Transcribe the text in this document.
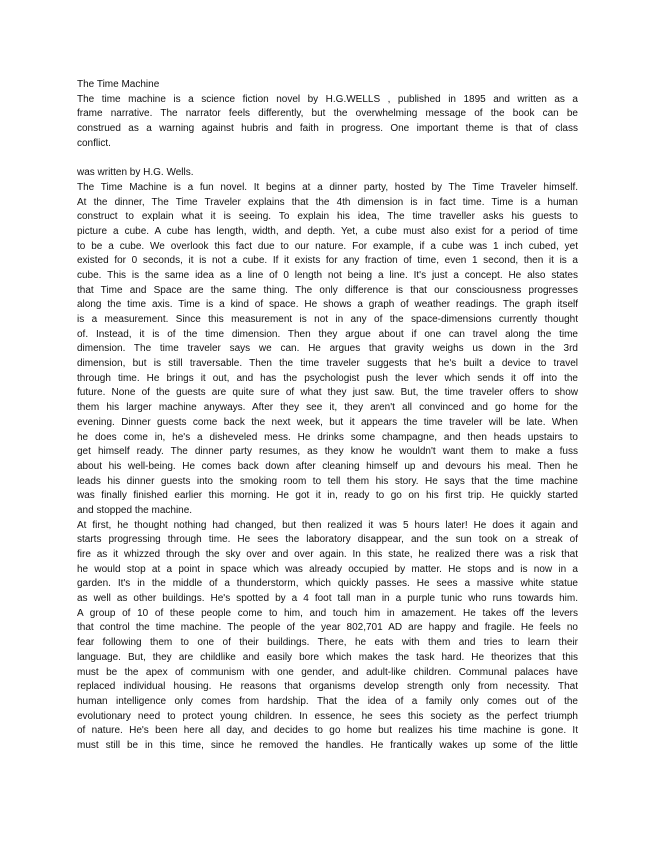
The Time Machine
The time machine is a science fiction novel by H.G.WELLS , published in 1895 and written as a
frame narrative. The narrator feels differently, but the overwhelming message of the book can be
construed as a warning against hubris and faith in progress. One important theme is that of class
conflict.
was written by H.G. Wells.
The Time Machine is a fun novel. It begins at a dinner party, hosted by The Time Traveler himself.
At the dinner, The Time Traveler explains that the 4th dimension is in fact time. Time is a human
construct to explain what it is seeing. To explain his idea, The time traveller asks his guests to
picture a cube. A cube has length, width, and depth. Yet, a cube must also exist for a period of time
to be a cube. We overlook this fact due to our nature. For example, if a cube was 1 inch cubed, yet
existed for 0 seconds, it is not a cube. If it exists for any fraction of time, even 1 second, then it is a
cube. This is the same idea as a line of 0 length not being a line. It's just a concept. He also states
that Time and Space are the same thing. The only difference is that our consciousness progresses
along the time axis. Time is a kind of space. He shows a graph of weather readings. The graph itself
is a measurement. Since this measurement is not in any of the space-dimensions currently thought
of. Instead, it is of the time dimension. Then they argue about if one can travel along the time
dimension. The time traveler says we can. He argues that gravity weighs us down in the 3rd
dimension, but is still traversable. Then the time traveler suggests that he's built a device to travel
through time. He brings it out, and has the psychologist push the lever which sends it off into the
future. None of the guests are quite sure of what they just saw. But, the time traveler offers to show
them his larger machine anyways. After they see it, they aren't all convinced and go home for the
evening. Dinner guests come back the next week, but it appears the time traveler will be late. When
he does come in, he's a disheveled mess. He drinks some champagne, and then heads upstairs to
get himself ready. The dinner party resumes, as they know he wouldn't want them to make a fuss
about his well-being. He comes back down after cleaning himself up and devours his meal. Then he
leads his dinner guests into the smoking room to tell them his story. He says that the time machine
was finally finished earlier this morning. He got it in, ready to go on his first trip. He quickly started
and stopped the machine.
At first, he thought nothing had changed, but then realized it was 5 hours later! He does it again and
starts progressing through time. He sees the laboratory disappear, and the sun took on a streak of
fire as it whizzed through the sky over and over again. In this state, he realized there was a risk that
he would stop at a point in space which was already occupied by matter. He stops and is now in a
garden. It's in the middle of a thunderstorm, which quickly passes. He sees a massive white statue
as well as other buildings. He's spotted by a 4 foot tall man in a purple tunic who runs towards him.
A group of 10 of these people come to him, and touch him in amazement. He takes off the levers
that control the time machine. The people of the year 802,701 AD are happy and fragile. He feels no
fear following them to one of their buildings. There, he eats with them and tries to learn their
language. But, they are childlike and easily bore which makes the task hard. He theorizes that this
must be the apex of communism with one gender, and adult-like children. Communal palaces have
replaced individual housing. He reasons that organisms develop strength only from necessity. That
human intelligence only comes from hardship. That the idea of a family only comes out of the
evolutionary need to protect young children. In essence, he sees this society as the perfect triumph
of nature. He's been here all day, and decides to go home but realizes his time machine is gone. It
must still be in this time, since he removed the handles. He frantically wakes up some of the little
